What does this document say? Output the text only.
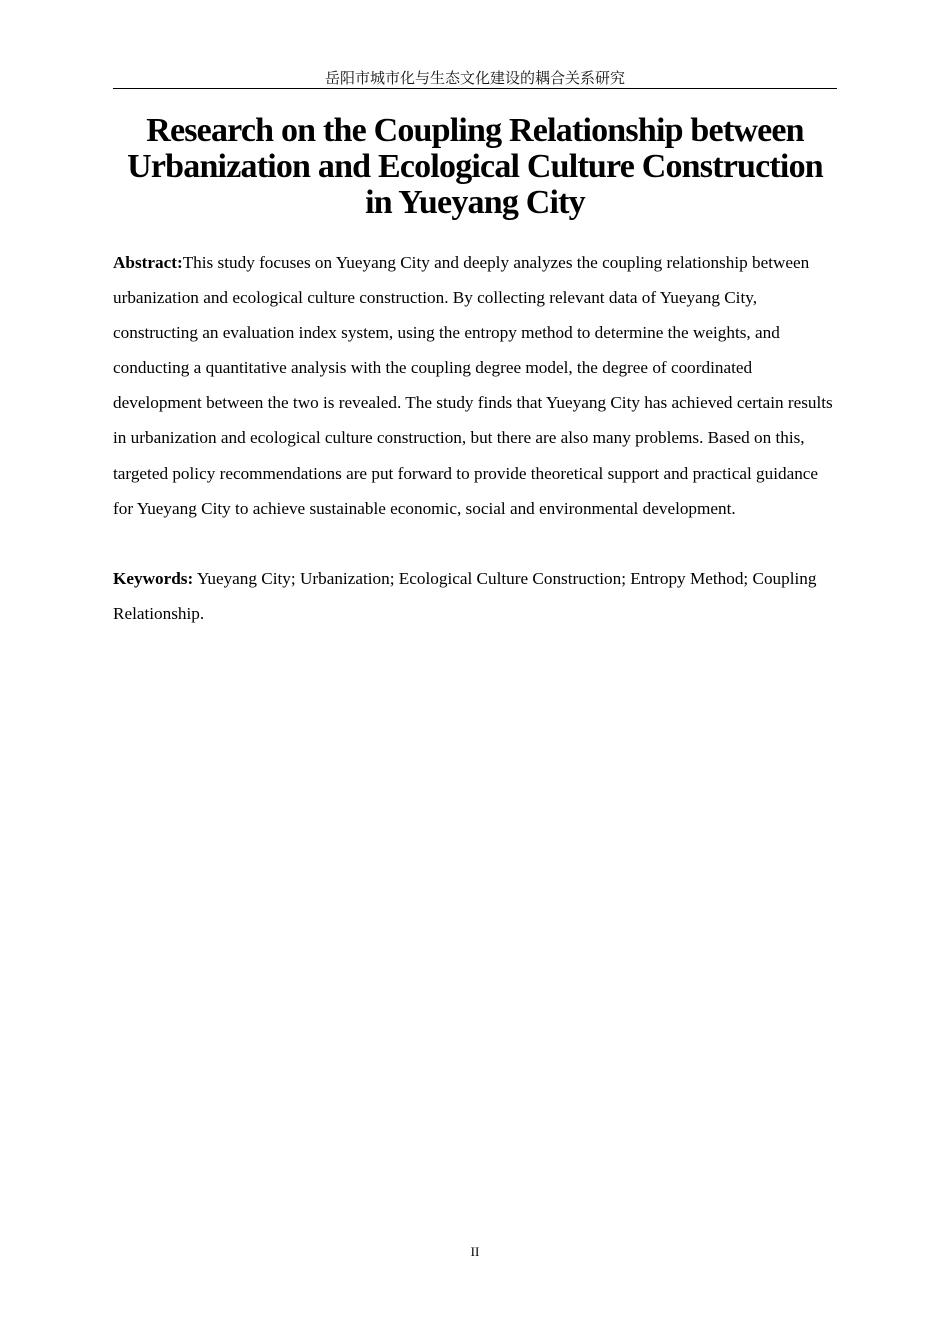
岳阳市城市化与生态文化建设的耦合关系研究
Research on the Coupling Relationship between
Urbanization and Ecological Culture Construction
in Yueyang City

Abstract:This study focuses on Yueyang City and deeply analyzes the coupling relationship between urbanization and ecological culture construction. By collecting relevant data of Yueyang City, constructing an evaluation index system, using the entropy method to determine the weights, and conducting a quantitative analysis with the coupling degree model, the degree of coordinated development between the two is revealed. The study finds that Yueyang City has achieved certain results in urbanization and ecological culture construction, but there are also many problems. Based on this, targeted policy recommendations are put forward to provide theoretical support and practical guidance for Yueyang City to achieve sustainable economic, social and environmental development.

Keywords: Yueyang City; Urbanization; Ecological Culture Construction; Entropy Method; Coupling Relationship.

II
